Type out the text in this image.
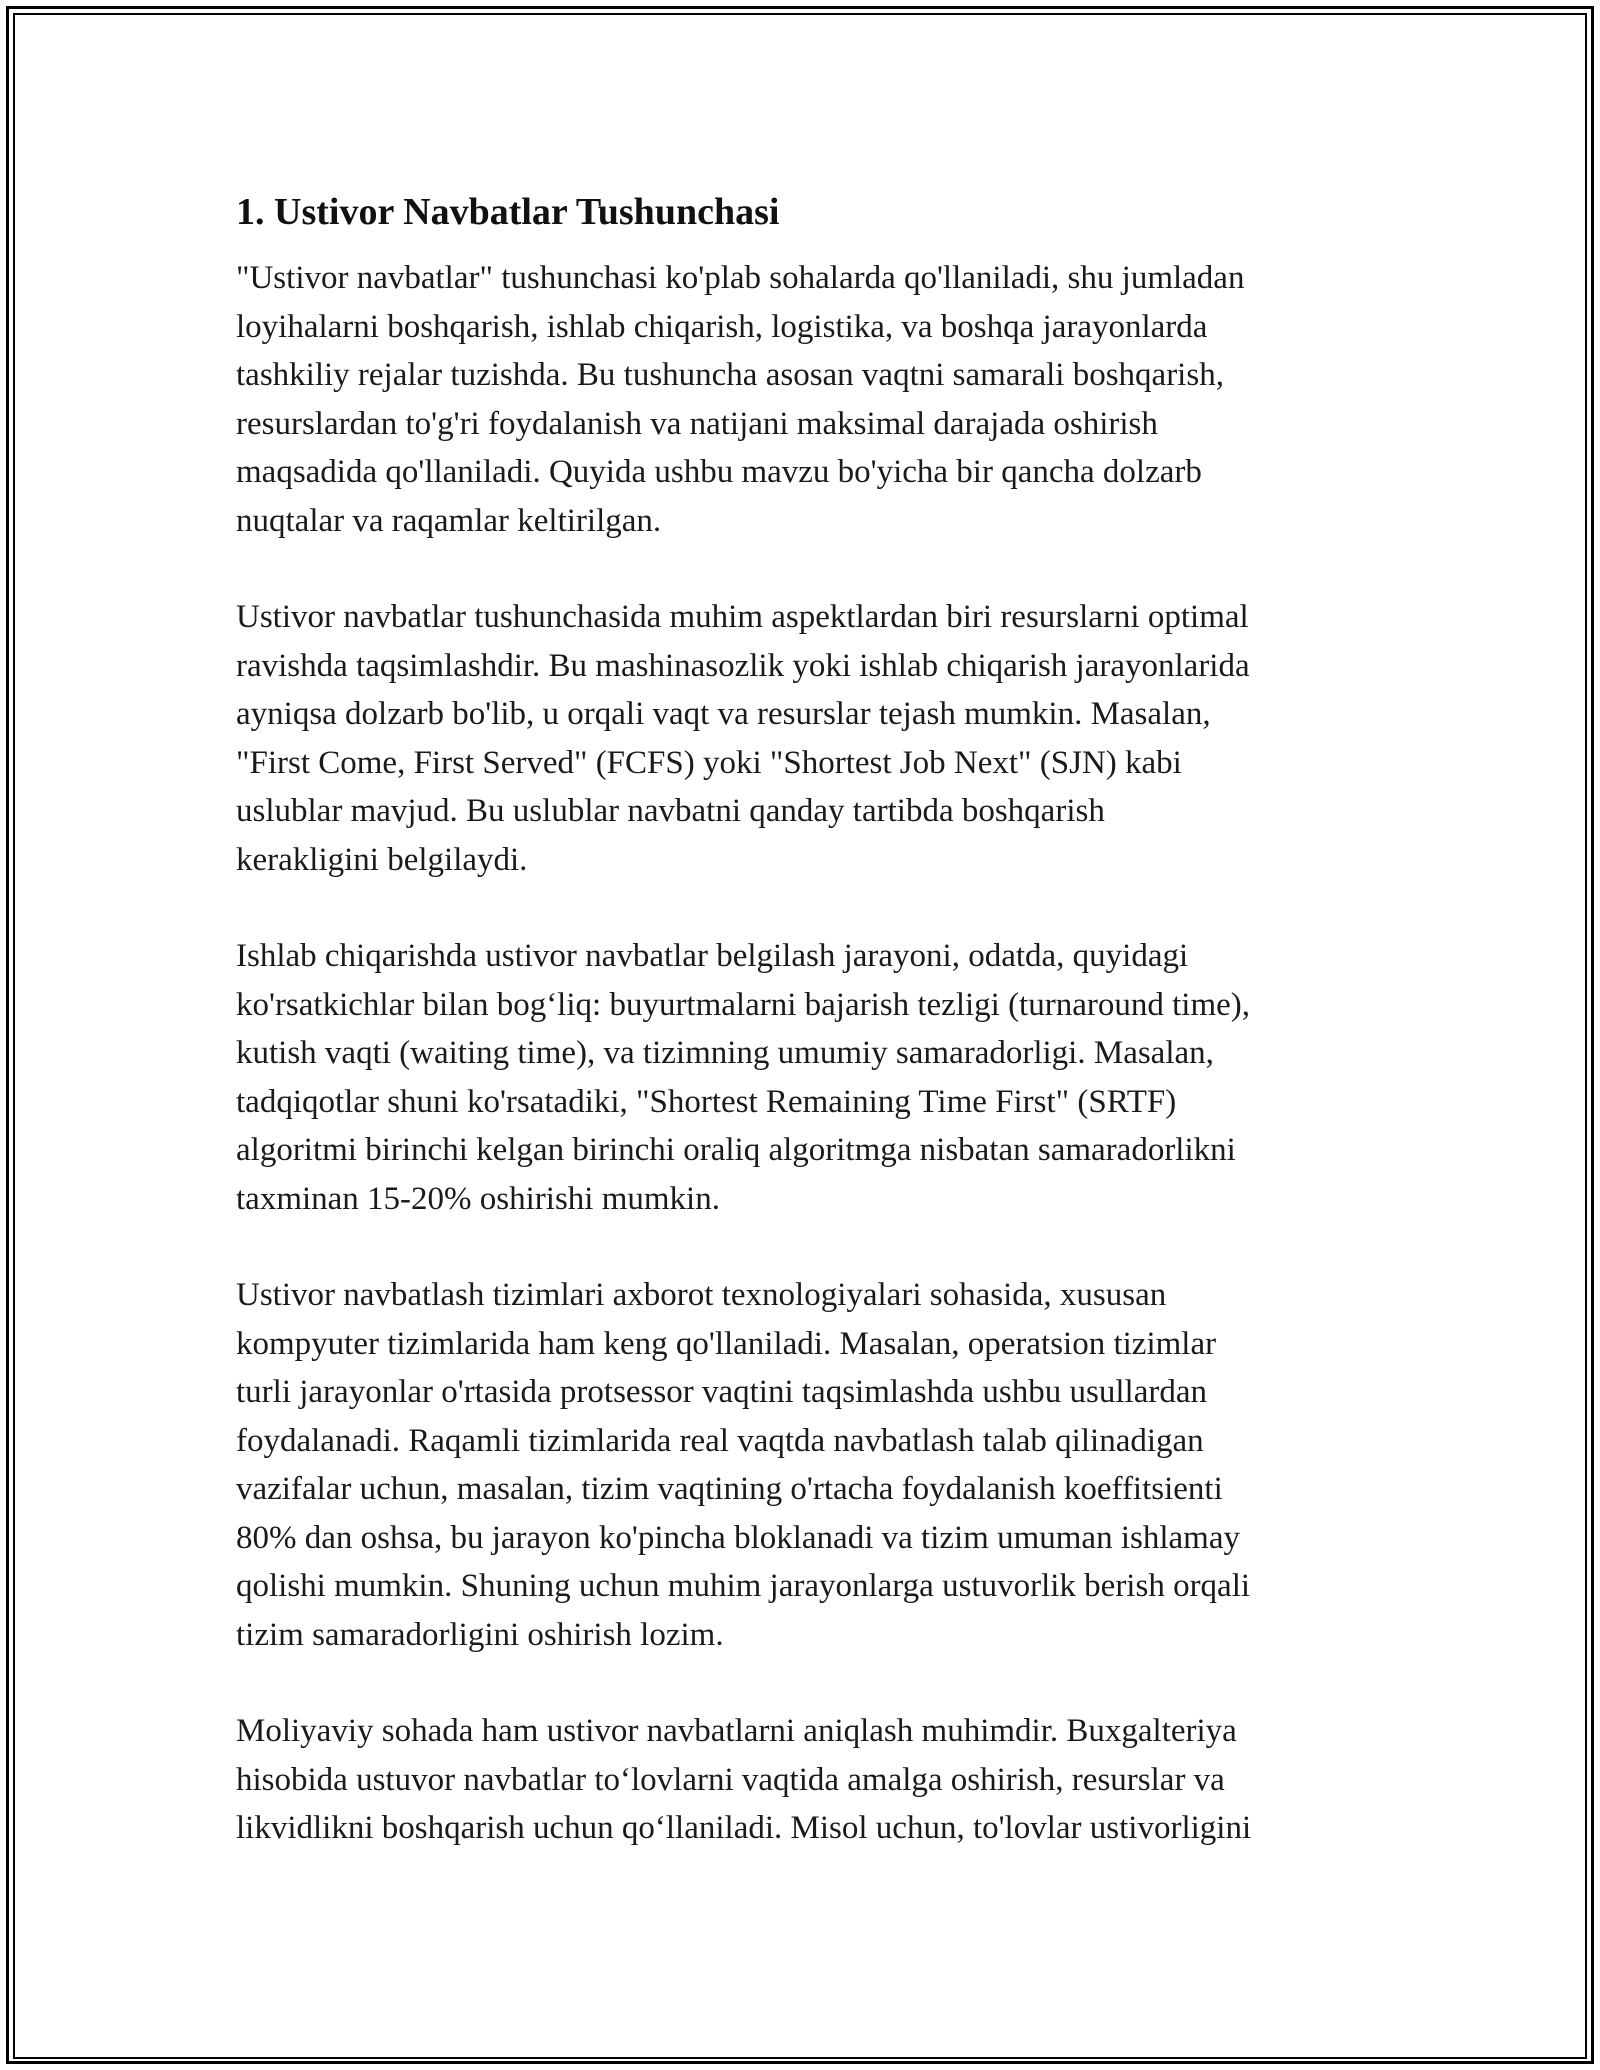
1. Ustivor Navbatlar Tushunchasi

"Ustivor navbatlar" tushunchasi ko'plab sohalarda qo'llaniladi, shu jumladan
loyihalarni boshqarish, ishlab chiqarish, logistika, va boshqa jarayonlarda
tashkiliy rejalar tuzishda. Bu tushuncha asosan vaqtni samarali boshqarish,
resurslardan to'g'ri foydalanish va natijani maksimal darajada oshirish
maqsadida qo'llaniladi. Quyida ushbu mavzu bo'yicha bir qancha dolzarb
nuqtalar va raqamlar keltirilgan.

Ustivor navbatlar tushunchasida muhim aspektlardan biri resurslarni optimal
ravishda taqsimlashdir. Bu mashinasozlik yoki ishlab chiqarish jarayonlarida
ayniqsa dolzarb bo'lib, u orqali vaqt va resurslar tejash mumkin. Masalan,
"First Come, First Served" (FCFS) yoki "Shortest Job Next" (SJN) kabi
uslublar mavjud. Bu uslublar navbatni qanday tartibda boshqarish
kerakligini belgilaydi.

Ishlab chiqarishda ustivor navbatlar belgilash jarayoni, odatda, quyidagi
ko'rsatkichlar bilan bog‘liq: buyurtmalarni bajarish tezligi (turnaround time),
kutish vaqti (waiting time), va tizimning umumiy samaradorligi. Masalan,
tadqiqotlar shuni ko'rsatadiki, "Shortest Remaining Time First" (SRTF)
algoritmi birinchi kelgan birinchi oraliq algoritmga nisbatan samaradorlikni
taxminan 15-20% oshirishi mumkin.

Ustivor navbatlash tizimlari axborot texnologiyalari sohasida, xususan
kompyuter tizimlarida ham keng qo'llaniladi. Masalan, operatsion tizimlar
turli jarayonlar o'rtasida protsessor vaqtini taqsimlashda ushbu usullardan
foydalanadi. Raqamli tizimlarida real vaqtda navbatlash talab qilinadigan
vazifalar uchun, masalan, tizim vaqtining o'rtacha foydalanish koeffitsienti
80% dan oshsa, bu jarayon ko'pincha bloklanadi va tizim umuman ishlamay
qolishi mumkin. Shuning uchun muhim jarayonlarga ustuvorlik berish orqali
tizim samaradorligini oshirish lozim.

Moliyaviy sohada ham ustivor navbatlarni aniqlash muhimdir. Buxgalteriya
hisobida ustuvor navbatlar to‘lovlarni vaqtida amalga oshirish, resurslar va
likvidlikni boshqarish uchun qo‘llaniladi. Misol uchun, to'lovlar ustivorligini
